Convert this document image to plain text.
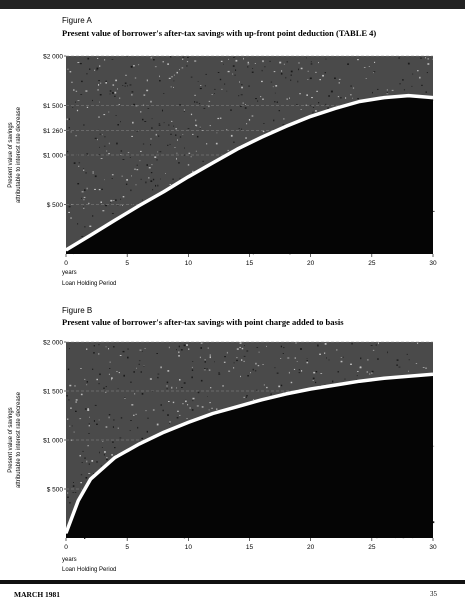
Figure A
Present value of borrower's after-tax savings with up-front point deduction (TABLE 4)
$ 500
$1 000
$1 260
$1 500
$2 000
0	5	10	15	20	25	30
Present value of savings attributable to interest rate decrease
years
Loan Holding Period
Figure B
Present value of borrower's after-tax savings with point charge added to basis
$ 500
$1 000
$1 500
$2 000
0	5	10	15	20	25	30
Present value of savings attributable to interest rate decrease
years
Loan Holding Period
MARCH 1981	35
